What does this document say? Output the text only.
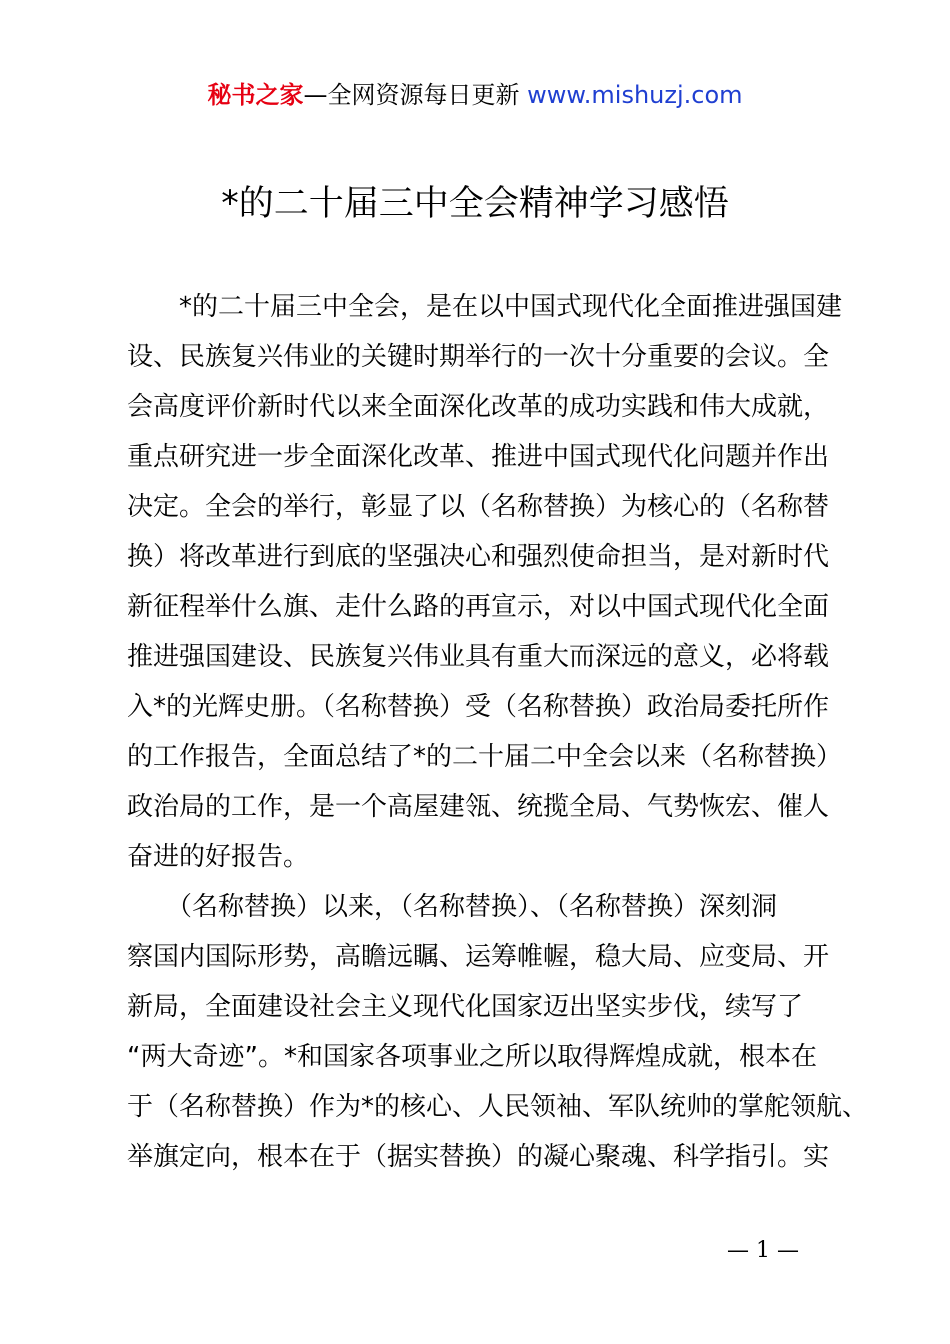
秘书之家—全网资源每日更新 www.mishuzj.com
*的二十届三中全会精神学习感悟
　　*的二十届三中全会，是在以中国式现代化全面推进强国建
设、民族复兴伟业的关键时期举行的一次十分重要的会议。全
会高度评价新时代以来全面深化改革的成功实践和伟大成就，
重点研究进一步全面深化改革、推进中国式现代化问题并作出
决定。全会的举行，彰显了以（名称替换）为核心的（名称替
换）将改革进行到底的坚强决心和强烈使命担当，是对新时代
新征程举什么旗、走什么路的再宣示，对以中国式现代化全面
推进强国建设、民族复兴伟业具有重大而深远的意义，必将载
入*的光辉史册。（名称替换）受（名称替换）政治局委托所作
的工作报告，全面总结了*的二十届二中全会以来（名称替换）
政治局的工作，是一个高屋建瓴、统揽全局、气势恢宏、催人
奋进的好报告。
　　（名称替换）以来，（名称替换）、（名称替换）深刻洞
察国内国际形势，高瞻远瞩、运筹帷幄，稳大局、应变局、开
新局，全面建设社会主义现代化国家迈出坚实步伐，续写了
“两大奇迹”。*和国家各项事业之所以取得辉煌成就，根本在
于（名称替换）作为*的核心、人民领袖、军队统帅的掌舵领航、
举旗定向，根本在于（据实替换）的凝心聚魂、科学指引。实
— 1 —
